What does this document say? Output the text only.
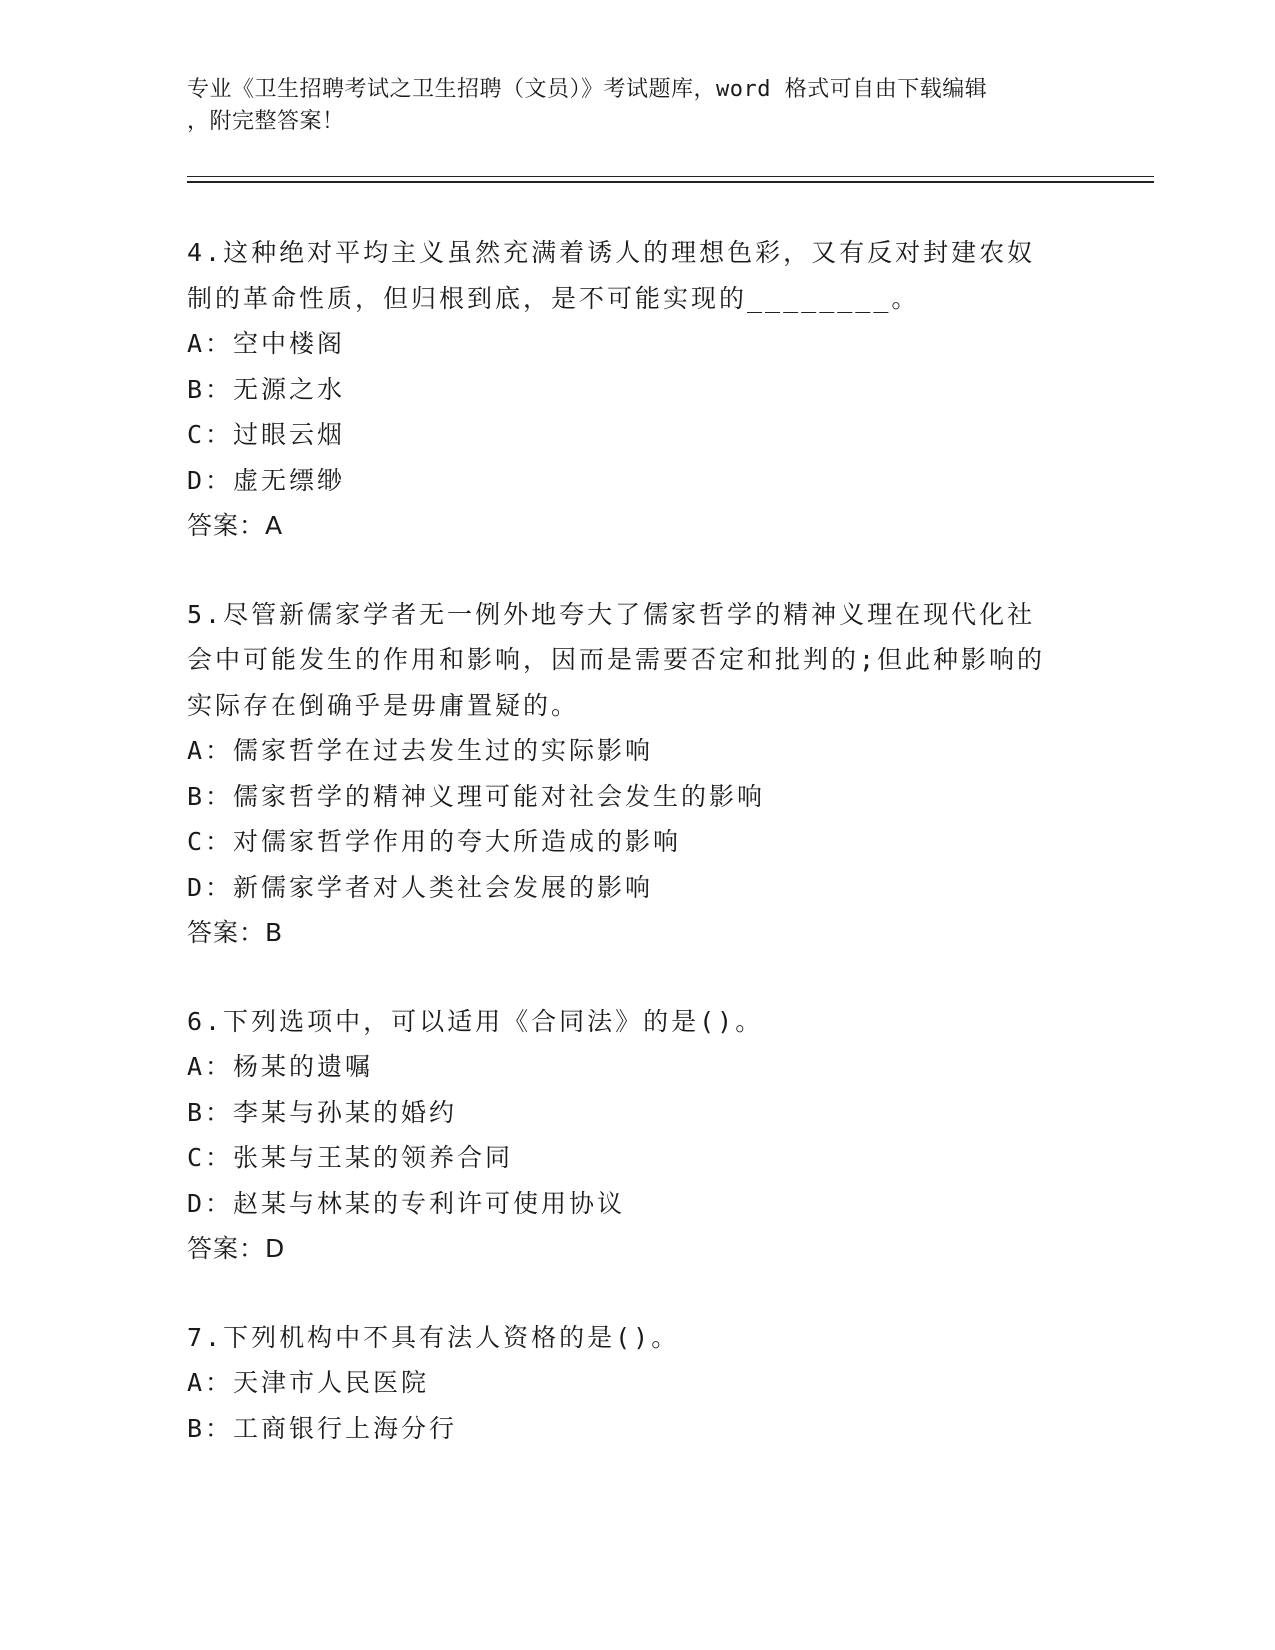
专业《卫生招聘考试之卫生招聘（文员）》考试题库，word 格式可自由下载编辑
，附完整答案！
4.这种绝对平均主义虽然充满着诱人的理想色彩，又有反对封建农奴
制的革命性质，但归根到底，是不可能实现的________。
A：空中楼阁
B：无源之水
C：过眼云烟
D：虚无缥缈
答案：A
5.尽管新儒家学者无一例外地夸大了儒家哲学的精神义理在现代化社
会中可能发生的作用和影响，因而是需要否定和批判的;但此种影响的
实际存在倒确乎是毋庸置疑的。
A：儒家哲学在过去发生过的实际影响
B：儒家哲学的精神义理可能对社会发生的影响
C：对儒家哲学作用的夸大所造成的影响
D：新儒家学者对人类社会发展的影响
答案：B
6.下列选项中，可以适用《合同法》的是()。
A：杨某的遗嘱
B：李某与孙某的婚约
C：张某与王某的领养合同
D：赵某与林某的专利许可使用协议
答案：D
7.下列机构中不具有法人资格的是()。
A：天津市人民医院
B：工商银行上海分行
